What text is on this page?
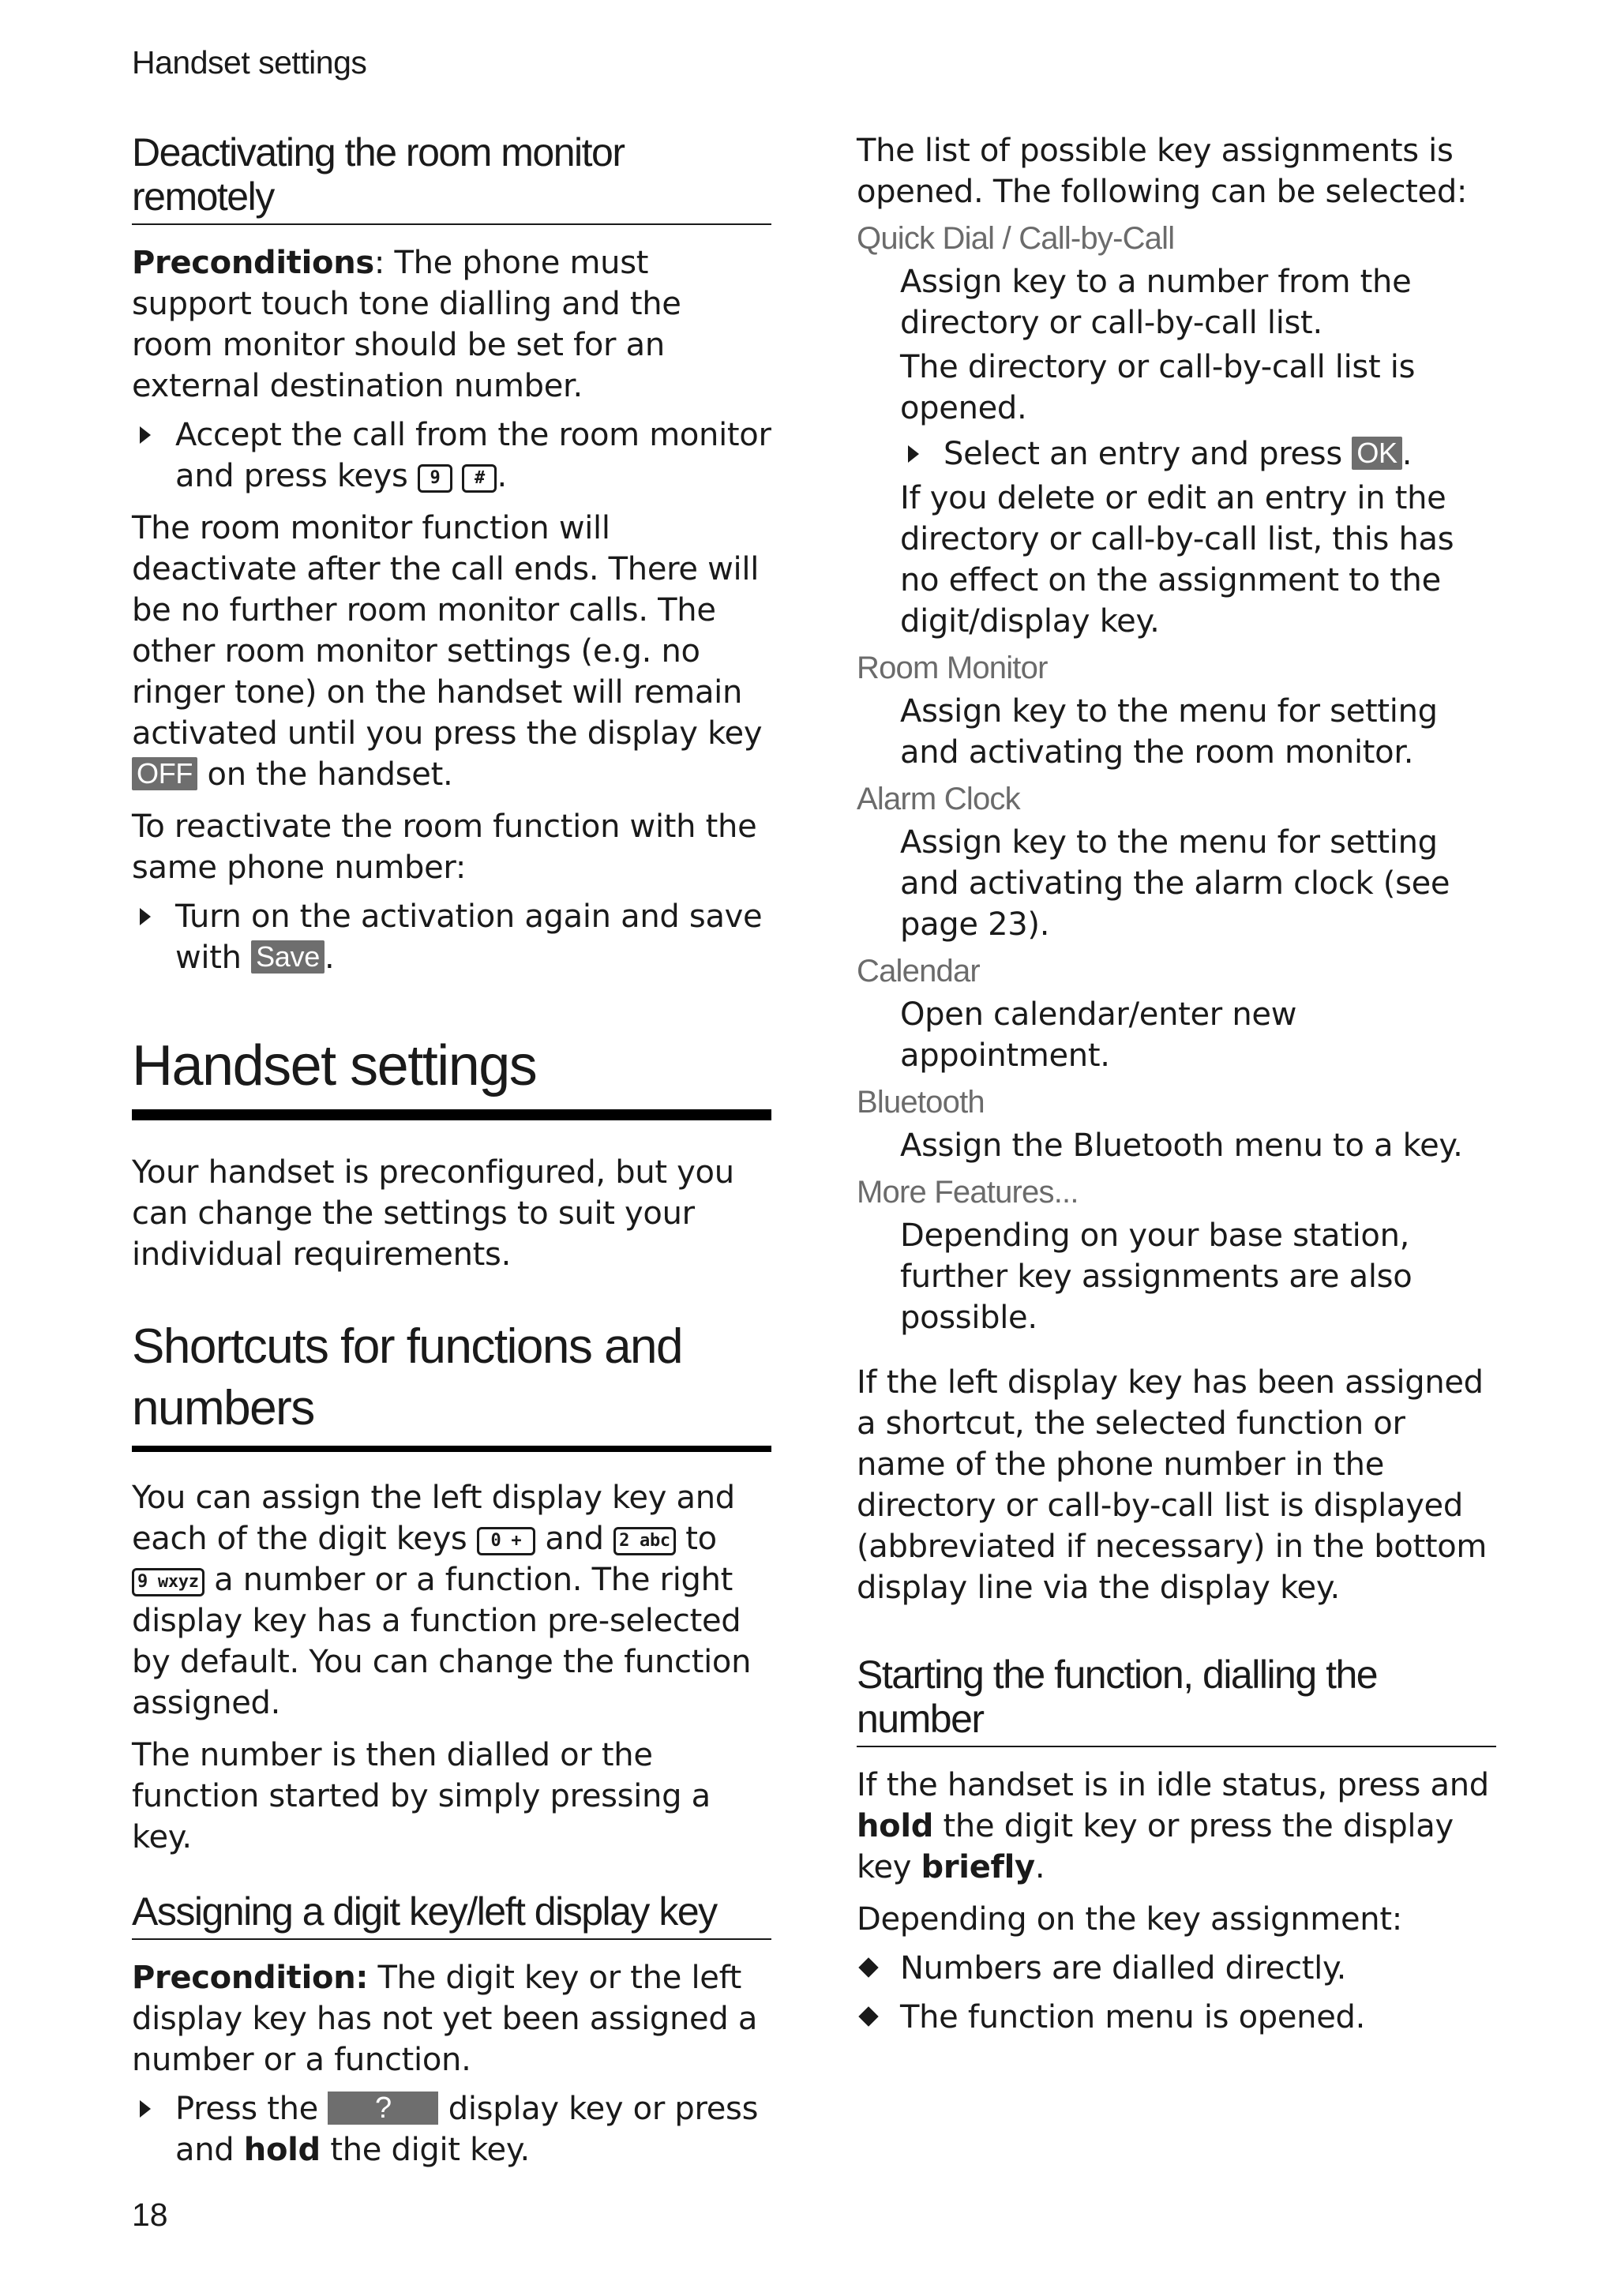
Handset settings
Deactivating the room monitor remotely

Preconditions: The phone must support touch tone dialling and the room monitor should be set for an external destination number.

Accept the call from the room monitor and press keys 9 # .

The room monitor function will deactivate after the call ends. There will be no further room monitor calls. The other room monitor settings (e.g. no ringer tone) on the handset will remain activated until you press the display key OFF on the handset.

To reactivate the room function with the same phone number:

Turn on the activation again and save with Save .
Handset settings

Your handset is preconfigured, but you can change the settings to suit your individual requirements.

Shortcuts for functions and numbers

You can assign the left display key and each of the digit keys 0 + and 2 abc to 9 wxyz a number or a function. The right display key has a function pre-selected by default. You can change the function assigned.

The number is then dialled or the function started by simply pressing a key.

Assigning a digit key/left display key

Precondition: The digit key or the left display key has not yet been assigned a number or a function.

Press the ? display key or press and hold the digit key.

The list of possible key assignments is opened. The following can be selected:

Quick Dial / Call-by-Call

Assign key to a number from the directory or call-by-call list.

The directory or call-by-call list is opened.

Select an entry and press OK .

If you delete or edit an entry in the directory or call-by-call list, this has no effect on the assignment to the digit/display key.

Room Monitor

Assign key to the menu for setting and activating the room monitor.

Alarm Clock

Assign key to the menu for setting and activating the alarm clock (see page 23).

Calendar

Open calendar/enter new appointment.

Bluetooth

Assign the Bluetooth menu to a key.

More Features...

Depending on your base station, further key assignments are also possible.

If the left display key has been assigned a shortcut, the selected function or name of the phone number in the directory or call-by-call list is displayed (abbreviated if necessary) in the bottom display line via the display key.

Starting the function, dialling the number

If the handset is in idle status, press and hold the digit key or press the display key briefly.

Depending on the key assignment:

Numbers are dialled directly.
The function menu is opened.
18
